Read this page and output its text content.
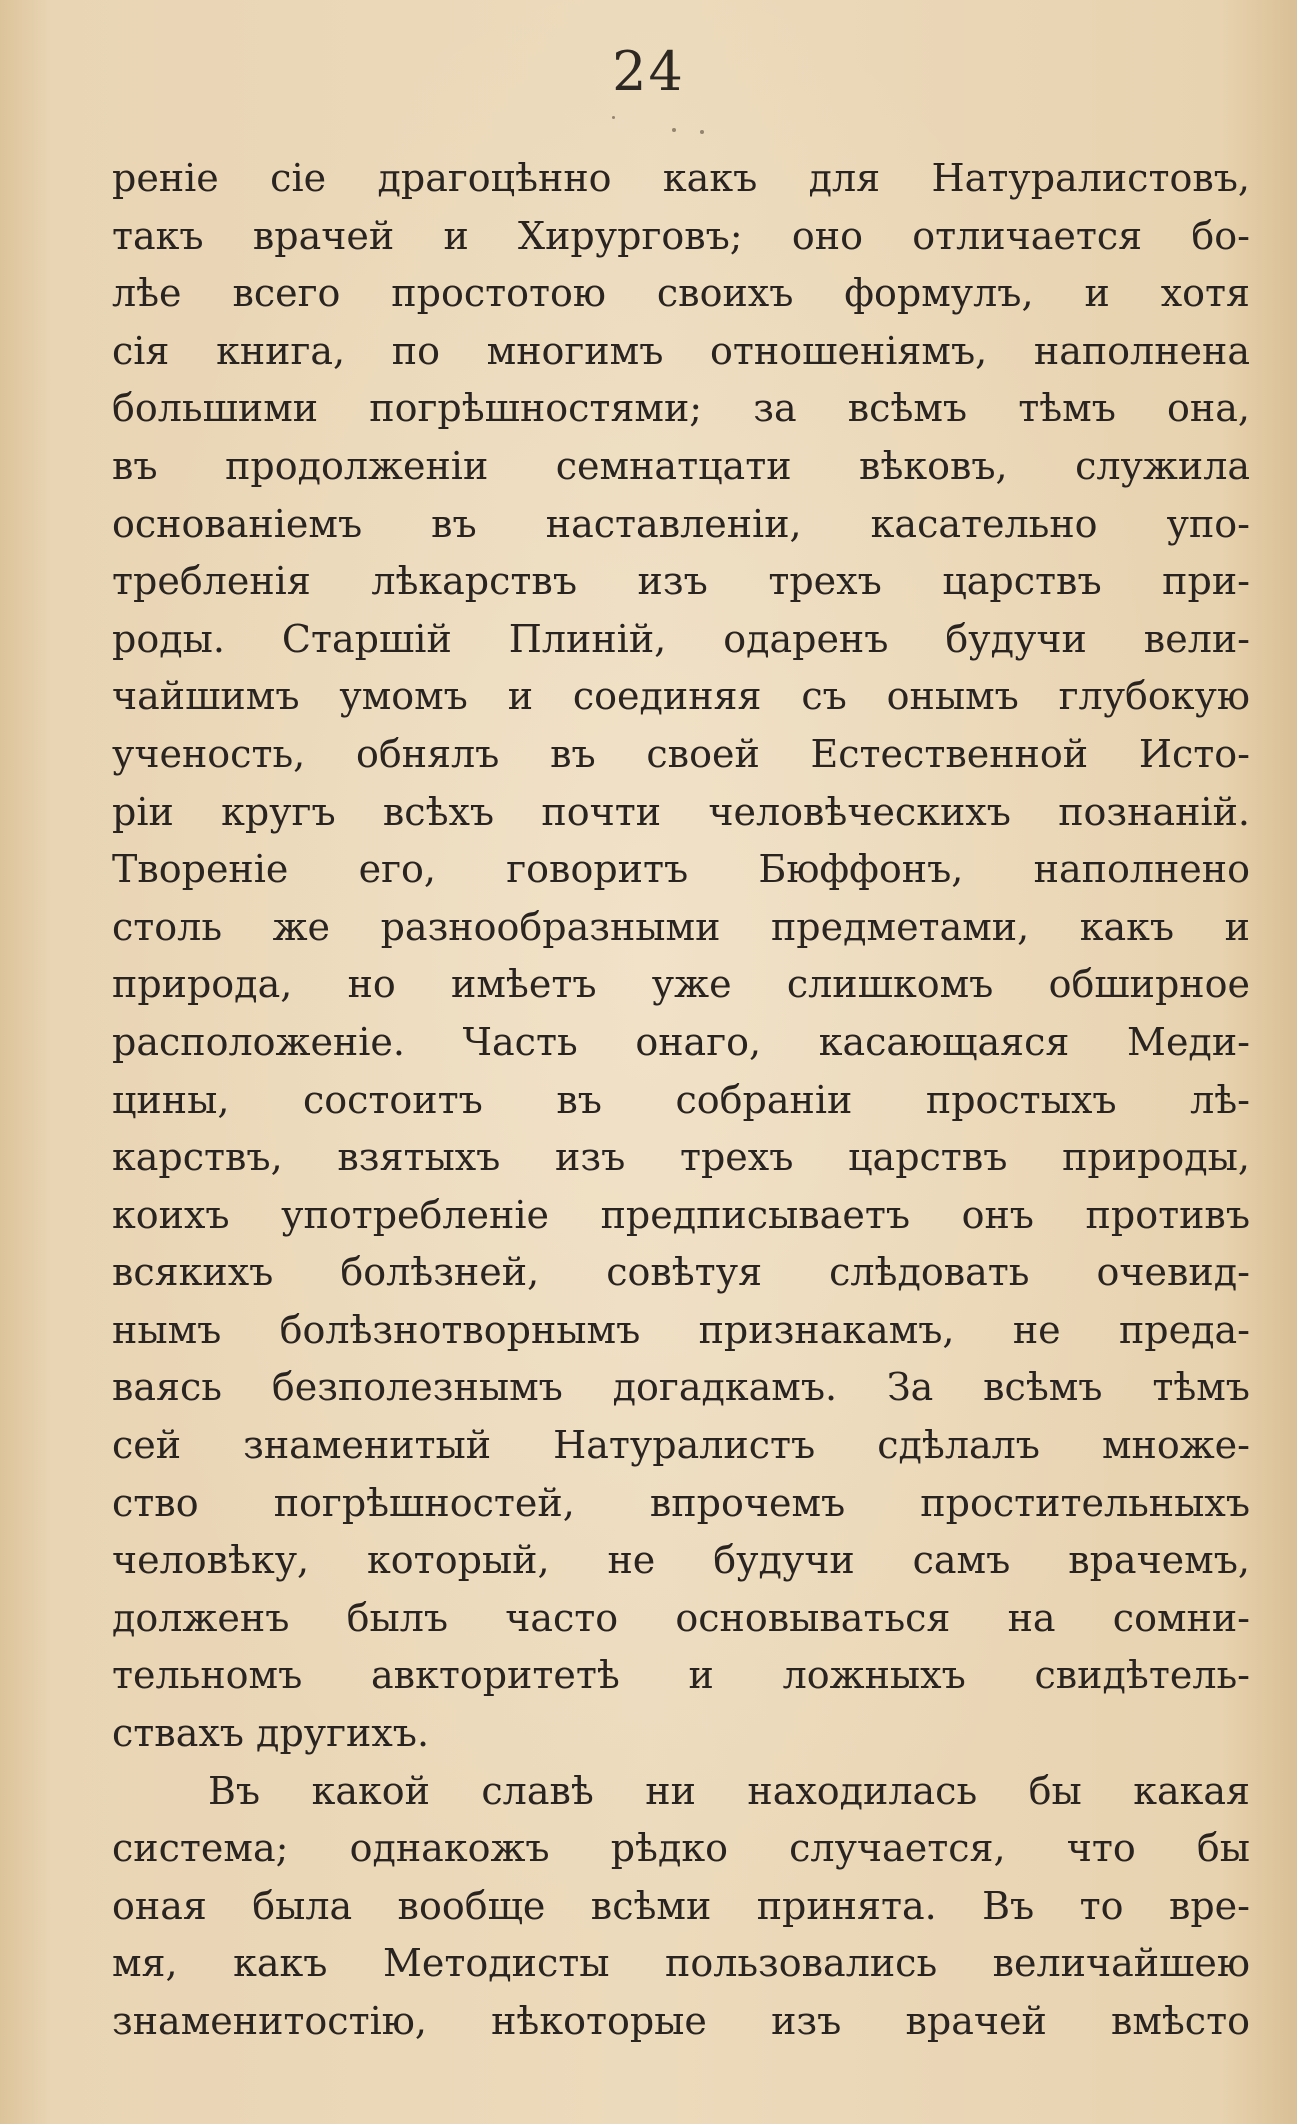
24
реніе сіе драгоцѣнно какъ для Натуралистовъ,
такъ врачей и Хирурговъ; оно отличается бо-
лѣе всего простотою своихъ формулъ, и хотя
сія книга, по многимъ отношеніямъ, наполнена
большими погрѣшностями; за всѣмъ тѣмъ она,
въ продолженіи семнатцати вѣковъ, служила
основаніемъ въ наставленіи, касательно упо-
требленія лѣкарствъ изъ трехъ царствъ при-
роды. Старшій Плиній, одаренъ будучи вели-
чайшимъ умомъ и соединяя съ онымъ глубокую
ученость, обнялъ въ своей Естественной Исто-
ріи кругъ всѣхъ почти человѣческихъ познаній.
Твореніе его, говоритъ Бюффонъ, наполнено
столь же разнообразными предметами, какъ и
природа, но имѣетъ уже слишкомъ обширное
расположеніе. Часть онаго, касающаяся Меди-
цины, состоитъ въ собраніи простыхъ лѣ-
карствъ, взятыхъ изъ трехъ царствъ природы,
коихъ употребленіе предписываетъ онъ противъ
всякихъ болѣзней, совѣтуя слѣдовать очевид-
нымъ болѣзнотворнымъ признакамъ, не преда-
ваясь безполезнымъ догадкамъ. За всѣмъ тѣмъ
сей знаменитый Натуралистъ сдѣлалъ множе-
ство погрѣшностей, впрочемъ простительныхъ
человѣку, который, не будучи самъ врачемъ,
долженъ былъ часто основываться на сомни-
тельномъ авкторитетѣ и ложныхъ свидѣтель-
ствахъ другихъ.
Въ какой славѣ ни находилась бы какая
система; однакожъ рѣдко случается, что бы
оная была вообще всѣми принята. Въ то вре-
мя, какъ Методисты пользовались величайшею
знаменитостію, нѣкоторые изъ врачей вмѣсто
